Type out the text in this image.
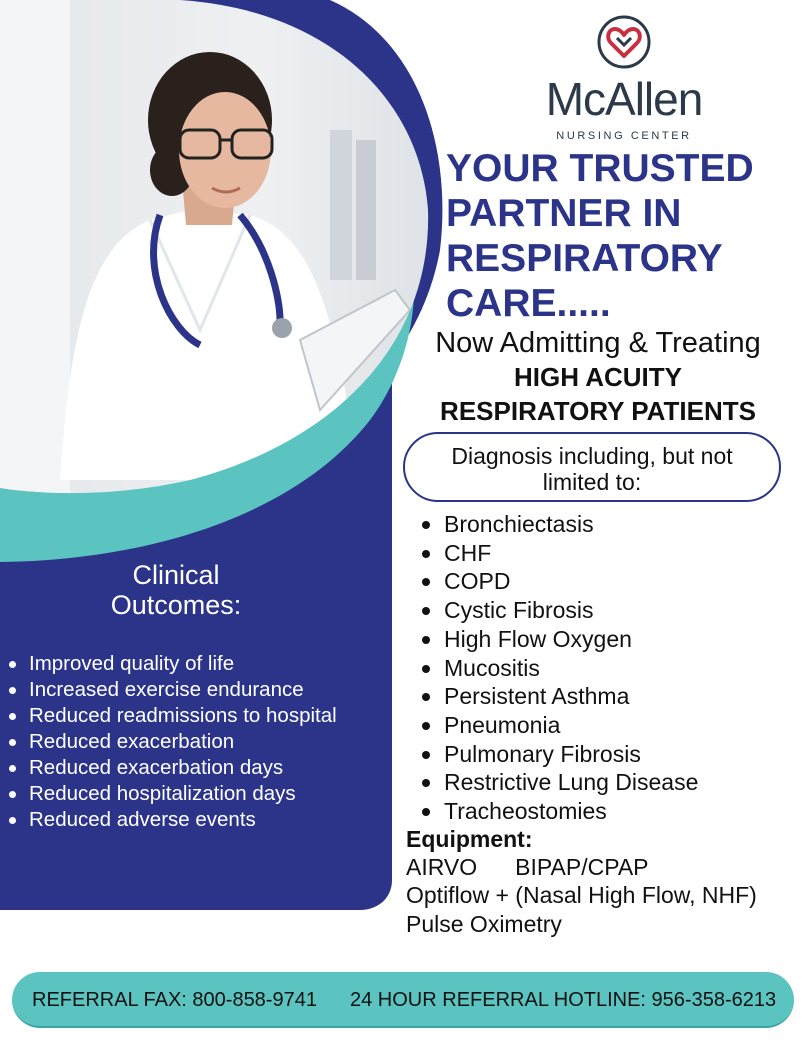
McAllen
NURSING CENTER
YOUR TRUSTED
PARTNER IN
RESPIRATORY
CARE.....
Now Admitting & Treating
HIGH ACUITY
RESPIRATORY PATIENTS
Diagnosis including, but not
limited to:
Bronchiectasis
CHF
COPD
Cystic Fibrosis
High Flow Oxygen
Mucositis
Persistent Asthma
Pneumonia
Pulmonary Fibrosis
Restrictive Lung Disease
Tracheostomies
Equipment:
AIRVO BIPAP/CPAP
Optiflow + (Nasal High Flow, NHF)
Pulse Oximetry
Clinical
Outcomes:
Improved quality of life
Increased exercise endurance
Reduced readmissions to hospital
Reduced exacerbation
Reduced exacerbation days
Reduced hospitalization days
Reduced adverse events
REFERRAL FAX: 800-858-9741 24 HOUR REFERRAL HOTLINE: 956-358-6213
